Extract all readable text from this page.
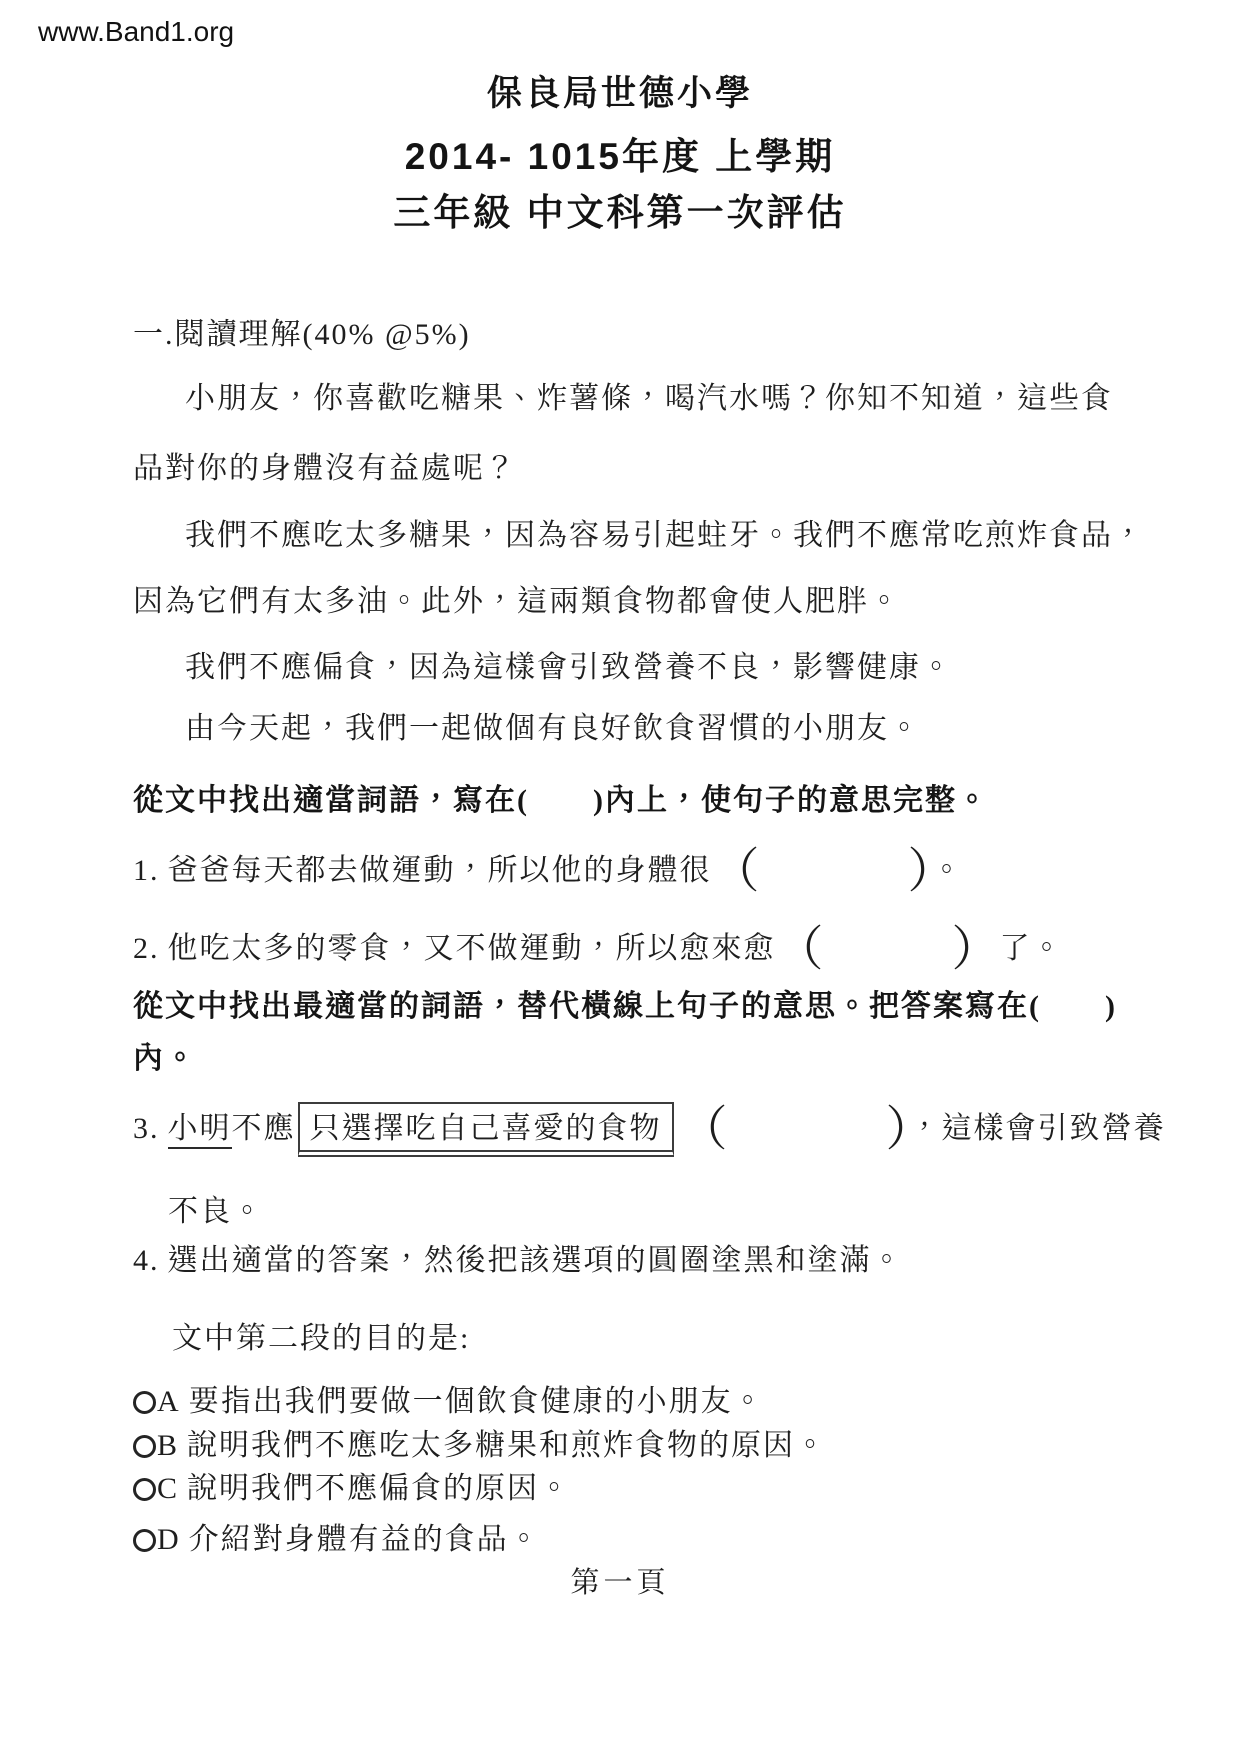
www.Band1.org
保良局世德小學
2014- 1015年度 上學期
三年級 中文科第一次評估
一.閱讀理解(40% @5%)
小朋友，你喜歡吃糖果、炸薯條，喝汽水嗎？你知不知道，這些食
品對你的身體沒有益處呢？
我們不應吃太多糖果，因為容易引起蛀牙。我們不應常吃煎炸食品，
因為它們有太多油。此外，這兩類食物都會使人肥胖。
我們不應偏食，因為這樣會引致營養不良，影響健康。
由今天起，我們一起做個有良好飲食習慣的小朋友。
從文中找出適當詞語，寫在(　　)內上，使句子的意思完整。
1. 爸爸每天都去做運動，所以他的身體很（	）。
2. 他吃太多的零食，又不做運動，所以愈來愈（	）了。
從文中找出最適當的詞語，替代橫線上句子的意思。把答案寫在(　　)
內。
3. 小明不應 只選擇吃自己喜愛的食物 （	），這樣會引致營養
不良。
4. 選出適當的答案，然後把該選項的圓圈塗黑和塗滿。
文中第二段的目的是:
A 要指出我們要做一個飲食健康的小朋友。
B 說明我們不應吃太多糖果和煎炸食物的原因。
C 說明我們不應偏食的原因。
D 介紹對身體有益的食品。
第一頁
